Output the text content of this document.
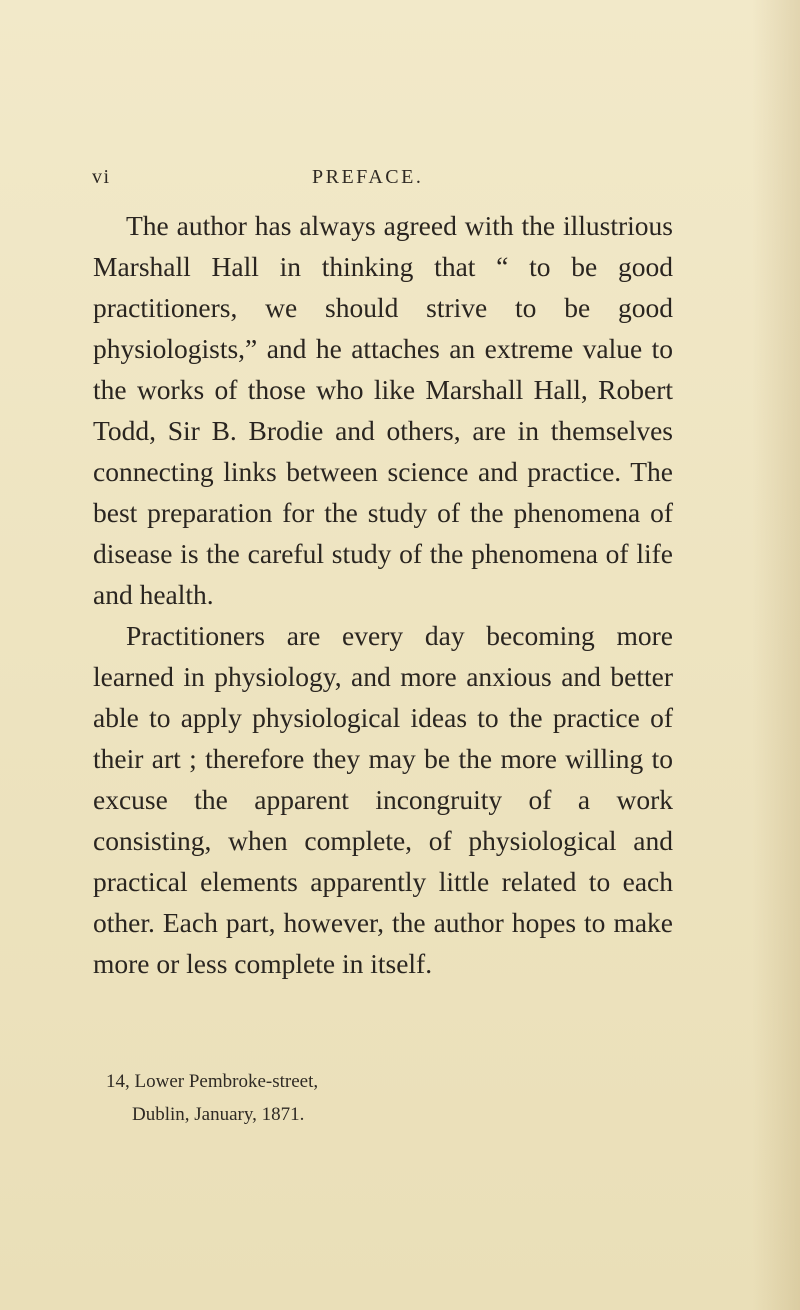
vi	PREFACE.

The author has always agreed with the illustrious Marshall Hall in thinking that “ to be good practitioners, we should strive to be good physiologists,” and he attaches an extreme value to the works of those who like Marshall Hall, Robert Todd, Sir B. Brodie and others, are in themselves connecting links between science and practice. The best preparation for the study of the phenomena of disease is the careful study of the phenomena of life and health.

Practitioners are every day becoming more learned in physiology, and more anxious and better able to apply physiological ideas to the practice of their art ; therefore they may be the more willing to excuse the apparent incongruity of a work consisting, when complete, of physiological and practical elements apparently little related to each other. Each part, however, the author hopes to make more or less complete in itself.

14, Lower Pembroke-street,
Dublin, January, 1871.
